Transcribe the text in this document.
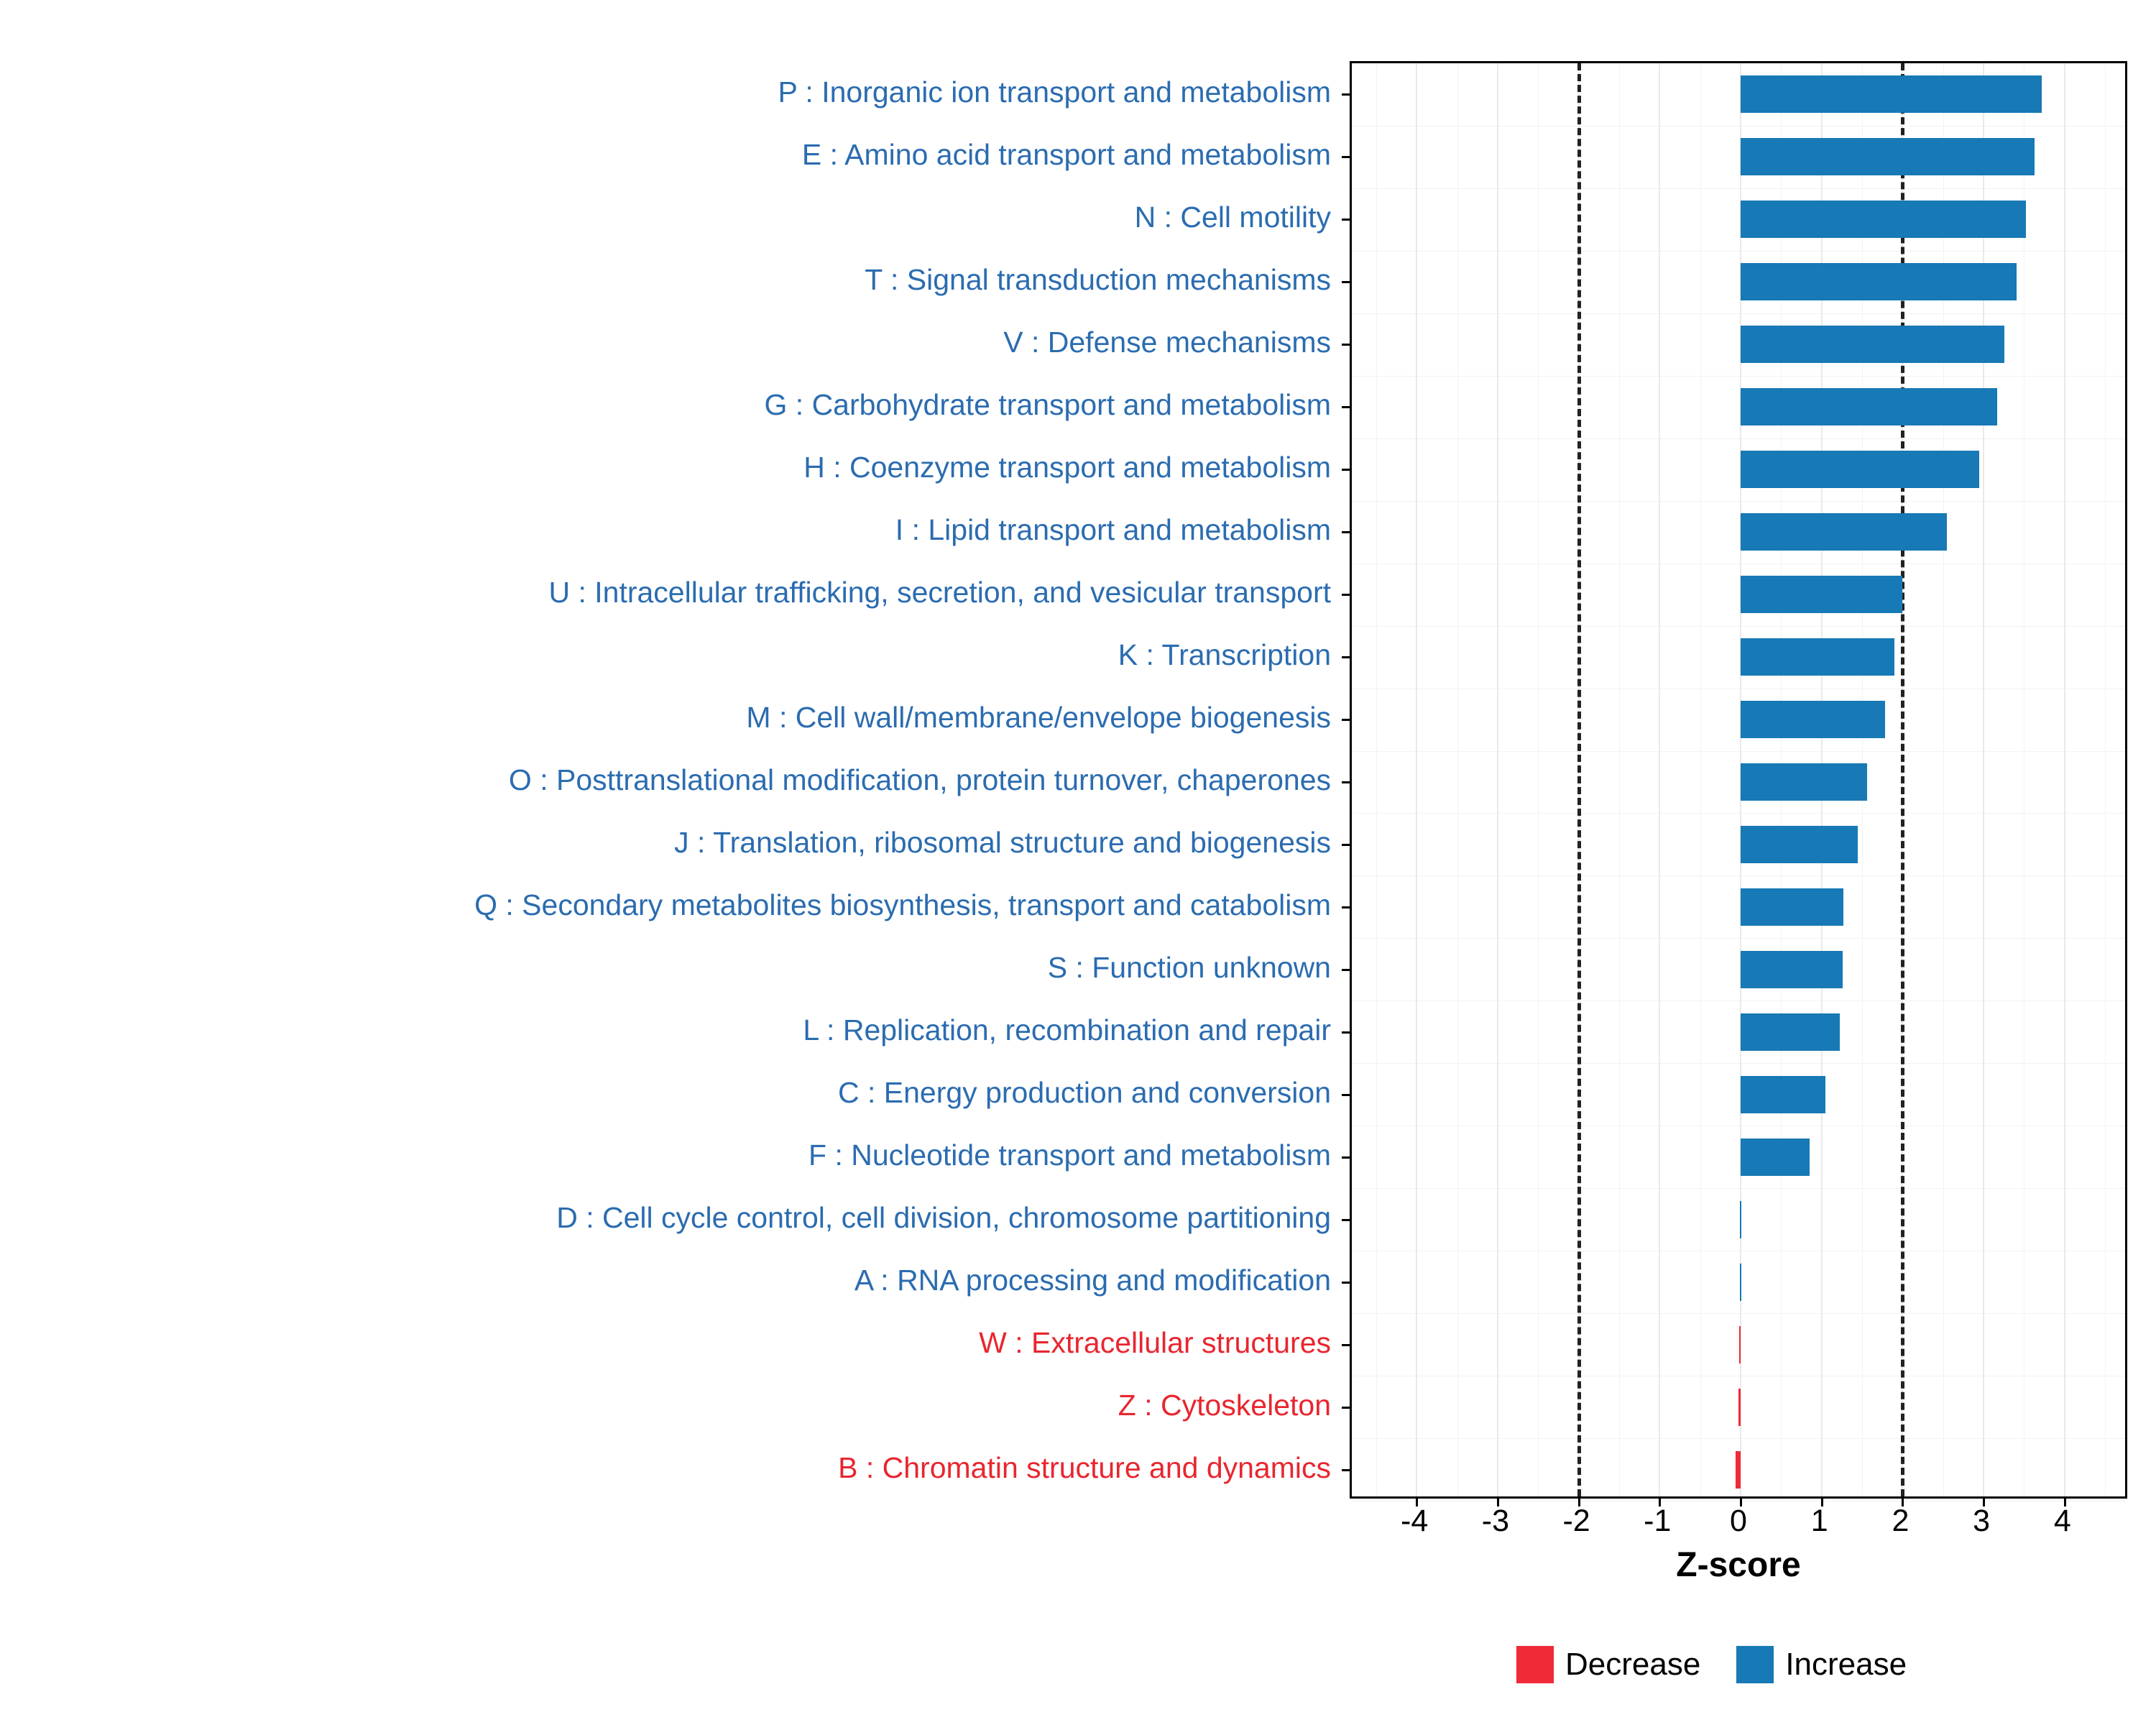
P : Inorganic ion transport and metabolism
E : Amino acid transport and metabolism
N : Cell motility
T : Signal transduction mechanisms
V : Defense mechanisms
G : Carbohydrate transport and metabolism
H : Coenzyme transport and metabolism
I : Lipid transport and metabolism
U : Intracellular trafficking, secretion, and vesicular transport
K : Transcription
M : Cell wall/membrane/envelope biogenesis
O : Posttranslational modification, protein turnover, chaperones
J : Translation, ribosomal structure and biogenesis
Q : Secondary metabolites biosynthesis, transport and catabolism
S : Function unknown
L : Replication, recombination and repair
C : Energy production and conversion
F : Nucleotide transport and metabolism
D : Cell cycle control, cell division, chromosome partitioning
A : RNA processing and modification
W : Extracellular structures
Z : Cytoskeleton
B : Chromatin structure and dynamics
-4 -3 -2 -1 0 1 2 3 4
Z-score
Decrease	Increase
